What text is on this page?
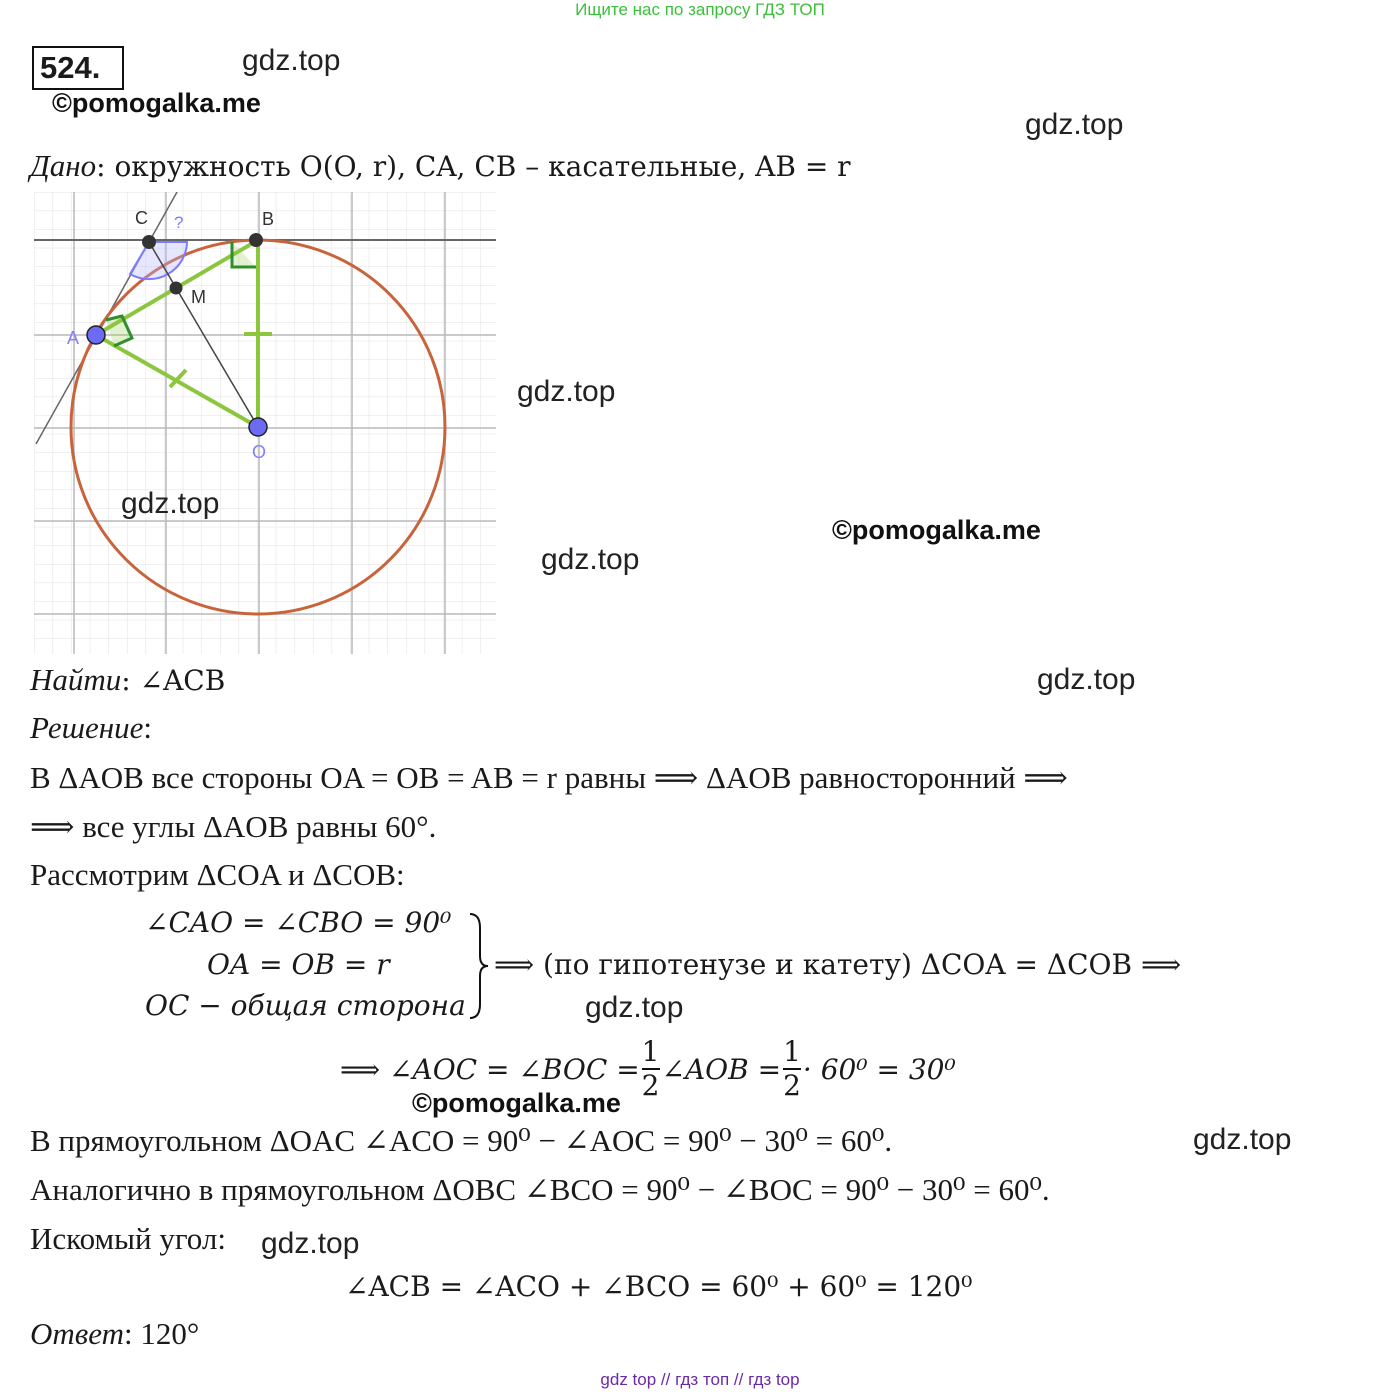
Ищите нас по запросу ГДЗ ТОП
524.	gdz.top
©pomogalka.me
gdz.top
Дано: окружность O(O, r), CA, CB – касательные, AB = r
?
C	B
M
A
O
gdz.top
gdz.top
©pomogalka.me
gdz.top
Найти: ∠ACB	gdz.top
Решение:
В ΔAOB все стороны OA = OB = AB = r равны ⟹ ΔAOB равносторонний ⟹
⟹ все углы ΔAOB равны 60°.
Рассмотрим ΔCOA и ΔCOB:
∠CAO = ∠CBO = 90⁰
OA = OB = r
OC − общая сторона
⟹ (по гипотенузе и катету) ΔCOA = ΔCOB ⟹
gdz.top
⟹ ∠AOC = ∠BOC = $\frac{1}{2}$ ∠AOB = $\frac{1}{2} \cdot 60^0 = 30^0$
©pomogalka.me
В прямоугольном ΔOAC ∠ACO = 90⁰ − ∠AOC = 90⁰ − 30⁰ = 60⁰.	gdz.top
Аналогично в прямоугольном ΔOBC ∠BCO = 90⁰ − ∠BOC = 90⁰ − 30⁰ = 60⁰.
Искомый угол: gdz.top
∠ACB = ∠ACO + ∠BCO = 60⁰ + 60⁰ = 120⁰
Ответ: 120°
gdz top // гдз топ // гдз top
